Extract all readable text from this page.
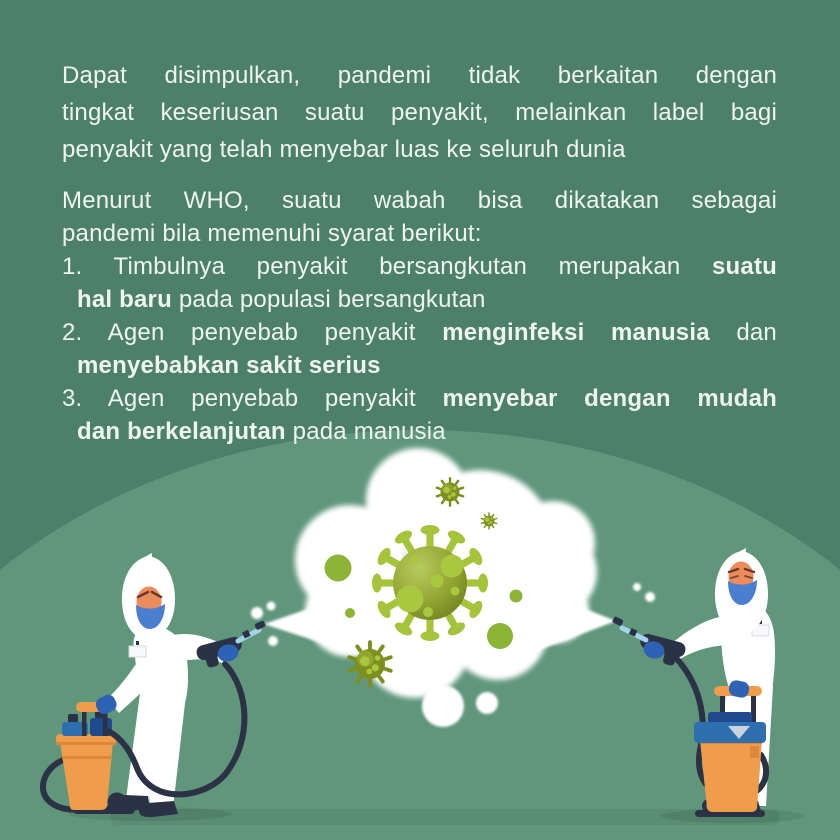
Dapat disimpulkan, pandemi tidak berkaitan dengan
tingkat keseriusan suatu penyakit, melainkan label bagi
penyakit yang telah menyebar luas ke seluruh dunia
Menurut WHO, suatu wabah bisa dikatakan sebagai
pandemi bila memenuhi syarat berikut:
1. Timbulnya penyakit bersangkutan merupakan suatu
hal baru pada populasi bersangkutan
2. Agen penyebab penyakit menginfeksi manusia dan
menyebabkan sakit serius
3. Agen penyebab penyakit menyebar dengan mudah
dan berkelanjutan pada manusia
